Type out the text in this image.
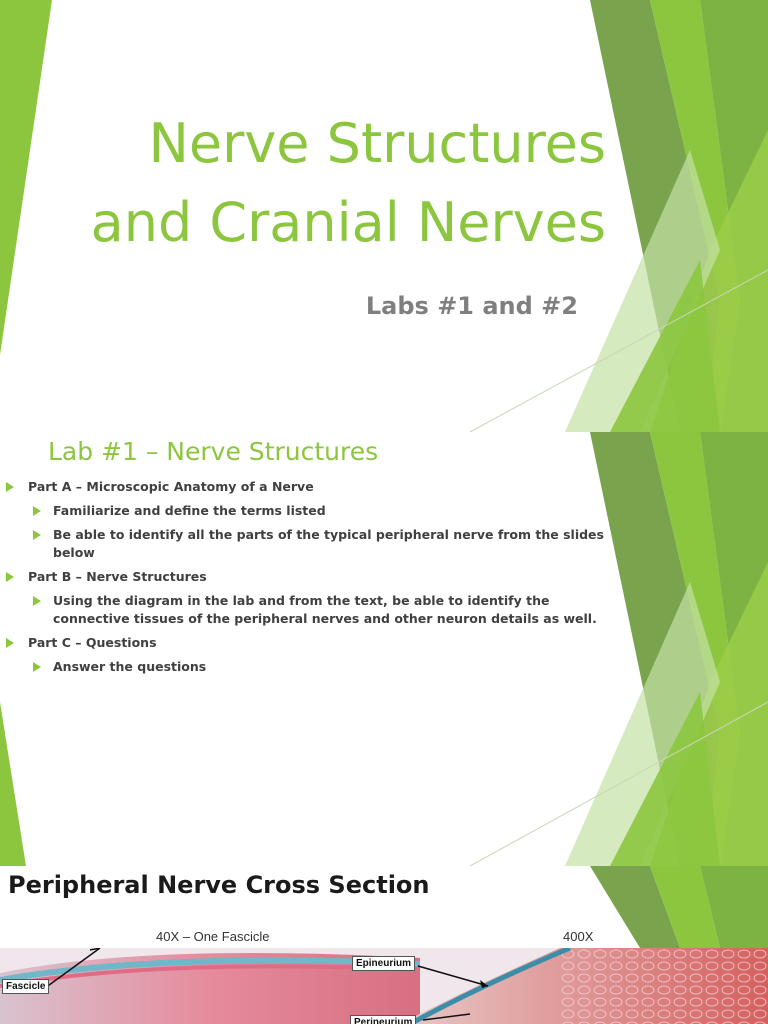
Nerve Structures
and Cranial Nerves
Labs #1 and #2
Lab #1 – Nerve Structures
Part A – Microscopic Anatomy of a Nerve
Familiarize and define the terms listed
Be able to identify all the parts of the typical peripheral nerve from the slides below
Part B – Nerve Structures
Using the diagram in the lab and from the text, be able to identify the connective tissues of the peripheral nerves and other neuron details as well.
Part C – Questions
Answer the questions
Peripheral Nerve Cross Section
40X – One Fascicle	400X
Fascicle
Epineurium
Perineurium
